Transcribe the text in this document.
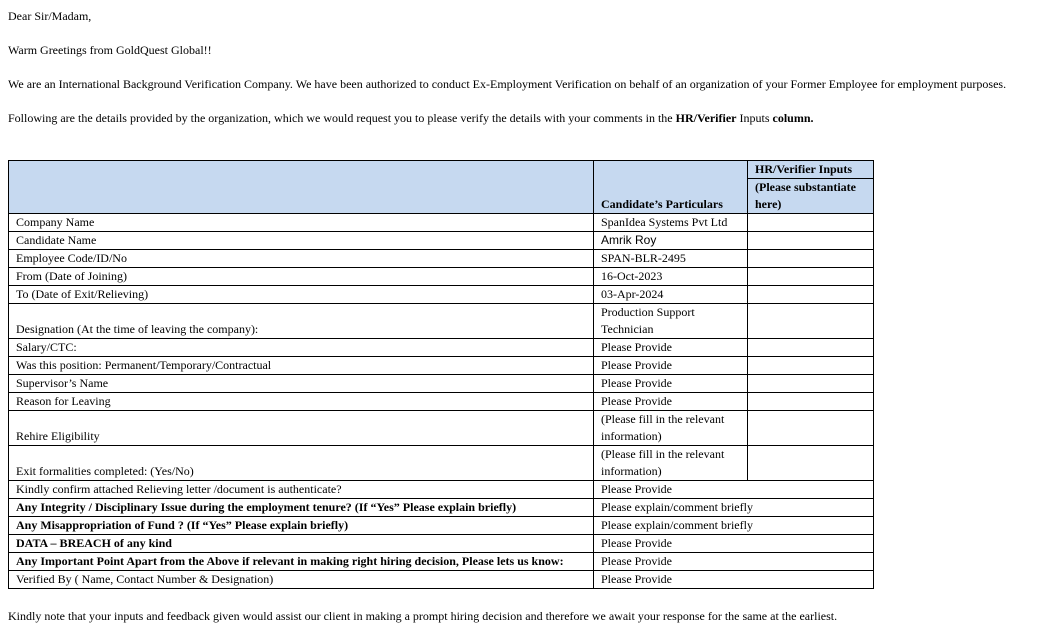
Dear Sir/Madam,

Warm Greetings from GoldQuest Global!!

We are an International Background Verification Company. We have been authorized to conduct Ex-Employment Verification on behalf of an organization of your Former Employee for employment purposes.

Following are the details provided by the organization, which we would request you to please verify the details with your comments in the HR/Verifier Inputs column.

	Candidate’s Particulars	HR/Verifier Inputs
(Please substantiate here)

Company Name	SpanIdea Systems Pvt Ltd	
Candidate Name	Amrik Roy	
Employee Code/ID/No	SPAN-BLR-2495	
From (Date of Joining)	16-Oct-2023	
To (Date of Exit/Relieving)	03-Apr-2024	
Designation (At the time of leaving the company):	Production Support Technician	
Salary/CTC:	Please Provide	
Was this position: Permanent/Temporary/Contractual	Please Provide	
Supervisor’s Name	Please Provide	
Reason for Leaving	Please Provide	
Rehire Eligibility	(Please fill in the relevant information)	
Exit formalities completed: (Yes/No)	(Please fill in the relevant information)	
Kindly confirm attached Relieving letter /document is authenticate?	Please Provide	
Any Integrity / Disciplinary Issue during the employment tenure? (If “Yes” Please explain briefly)	Please explain/comment briefly	
Any Misappropriation of Fund ? (If “Yes” Please explain briefly)	Please explain/comment briefly	
DATA – BREACH of any kind	Please Provide	
Any Important Point Apart from the Above if relevant in making right hiring decision, Please lets us know:	Please Provide	
Verified By ( Name, Contact Number & Designation)	Please Provide	

Kindly note that your inputs and feedback given would assist our client in making a prompt hiring decision and therefore we await your response for the same at the earliest.
